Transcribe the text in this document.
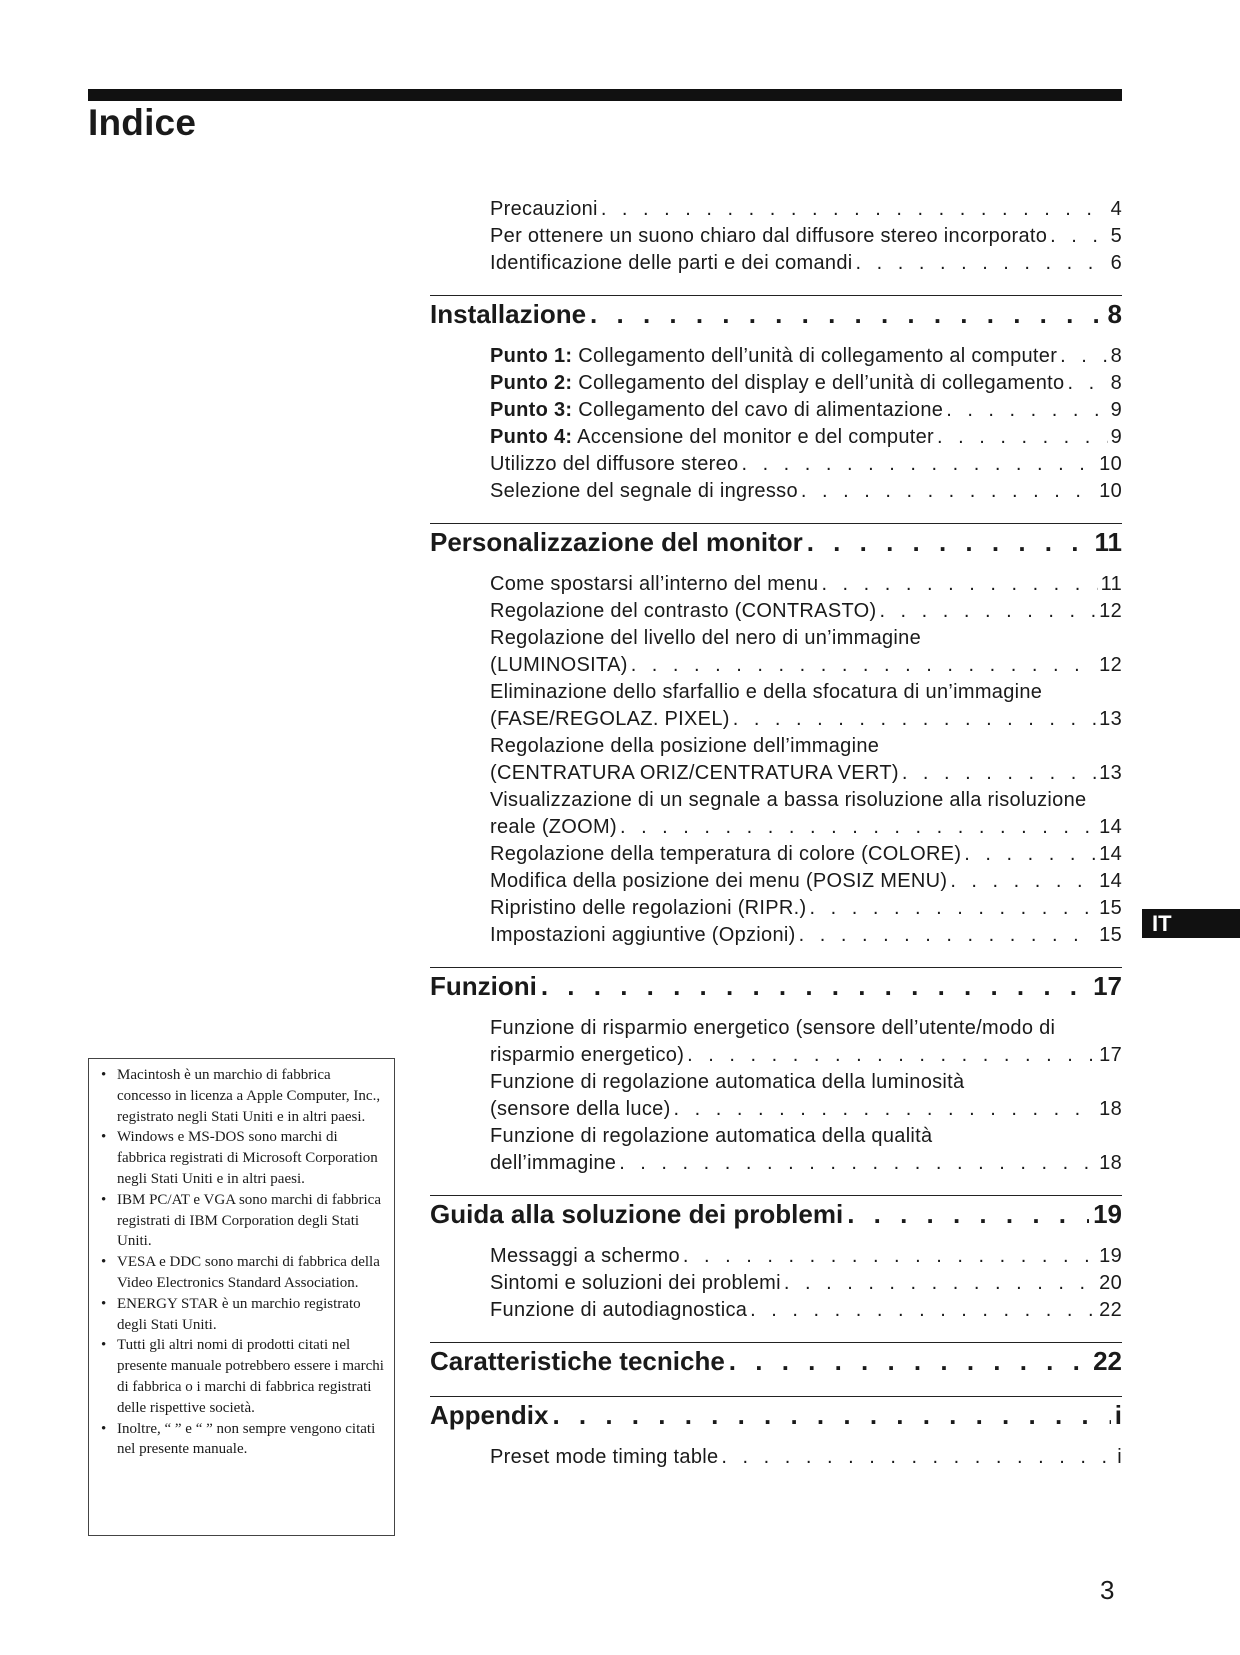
Indice
Precauzioni . . .	4
Per ottenere un suono chiaro dal diffusore stereo incorporato . . .	5
Identificazione delle parti e dei comandi . . .	6
Installazione . . .	8
Punto 1: Collegamento dell’unità di collegamento al computer . . .	8
Punto 2: Collegamento del display e dell’unità di collegamento . . . 8
Punto 3: Collegamento del cavo di alimentazione . . .	9
Punto 4: Accensione del monitor e del computer . . .	9
Utilizzo del diffusore stereo . . .	10
Selezione del segnale di ingresso . . .	10
Personalizzazione del monitor . . .	11
Come spostarsi all’interno del menu . . .	11
Regolazione del contrasto (CONTRASTO) . . .	12
Regolazione del livello del nero di un’immagine
(LUMINOSITA) . . .	12
Eliminazione dello sfarfallio e della sfocatura di un’immagine
(FASE/REGOLAZ. PIXEL) . . .	13
Regolazione della posizione dell’immagine
(CENTRATURA ORIZ/CENTRATURA VERT) . . .	13
Visualizzazione di un segnale a bassa risoluzione alla risoluzione
reale (ZOOM) . . .	14
Regolazione della temperatura di colore (COLORE) . . .	14
Modifica della posizione dei menu (POSIZ MENU) . . .	14
Ripristino delle regolazioni (RIPR.) . . .	15
Impostazioni aggiuntive (Opzioni) . . .	15
Funzioni . . .	17
Funzione di risparmio energetico (sensore dell’utente/modo di
risparmio energetico) . . .	17
Funzione di regolazione automatica della luminosità
(sensore della luce) . . .	18
Funzione di regolazione automatica della qualità
dell’immagine . . .	18
Guida alla soluzione dei problemi . . .	19
Messaggi a schermo . . .	19
Sintomi e soluzioni dei problemi . . .	20
Funzione di autodiagnostica . . .	22
Caratteristiche tecniche . . .	22
Appendix . . .	i
Preset mode timing table . . .	i
IT
• Macintosh è un marchio di fabbrica concesso in licenza a Apple Computer, Inc., registrato negli Stati Uniti e in altri paesi.
• Windows e MS-DOS sono marchi di fabbrica registrati di Microsoft Corporation negli Stati Uniti e in altri paesi.
• IBM PC/AT e VGA sono marchi di fabbrica registrati di IBM Corporation degli Stati Uniti.
• VESA e DDC sono marchi di fabbrica della Video Electronics Standard Association.
• ENERGY STAR è un marchio registrato degli Stati Uniti.
• Tutti gli altri nomi di prodotti citati nel presente manuale potrebbero essere i marchi di fabbrica o i marchi di fabbrica registrati delle rispettive società.
• Inoltre, “ ” e “ ” non sempre vengono citati nel presente manuale.
3
